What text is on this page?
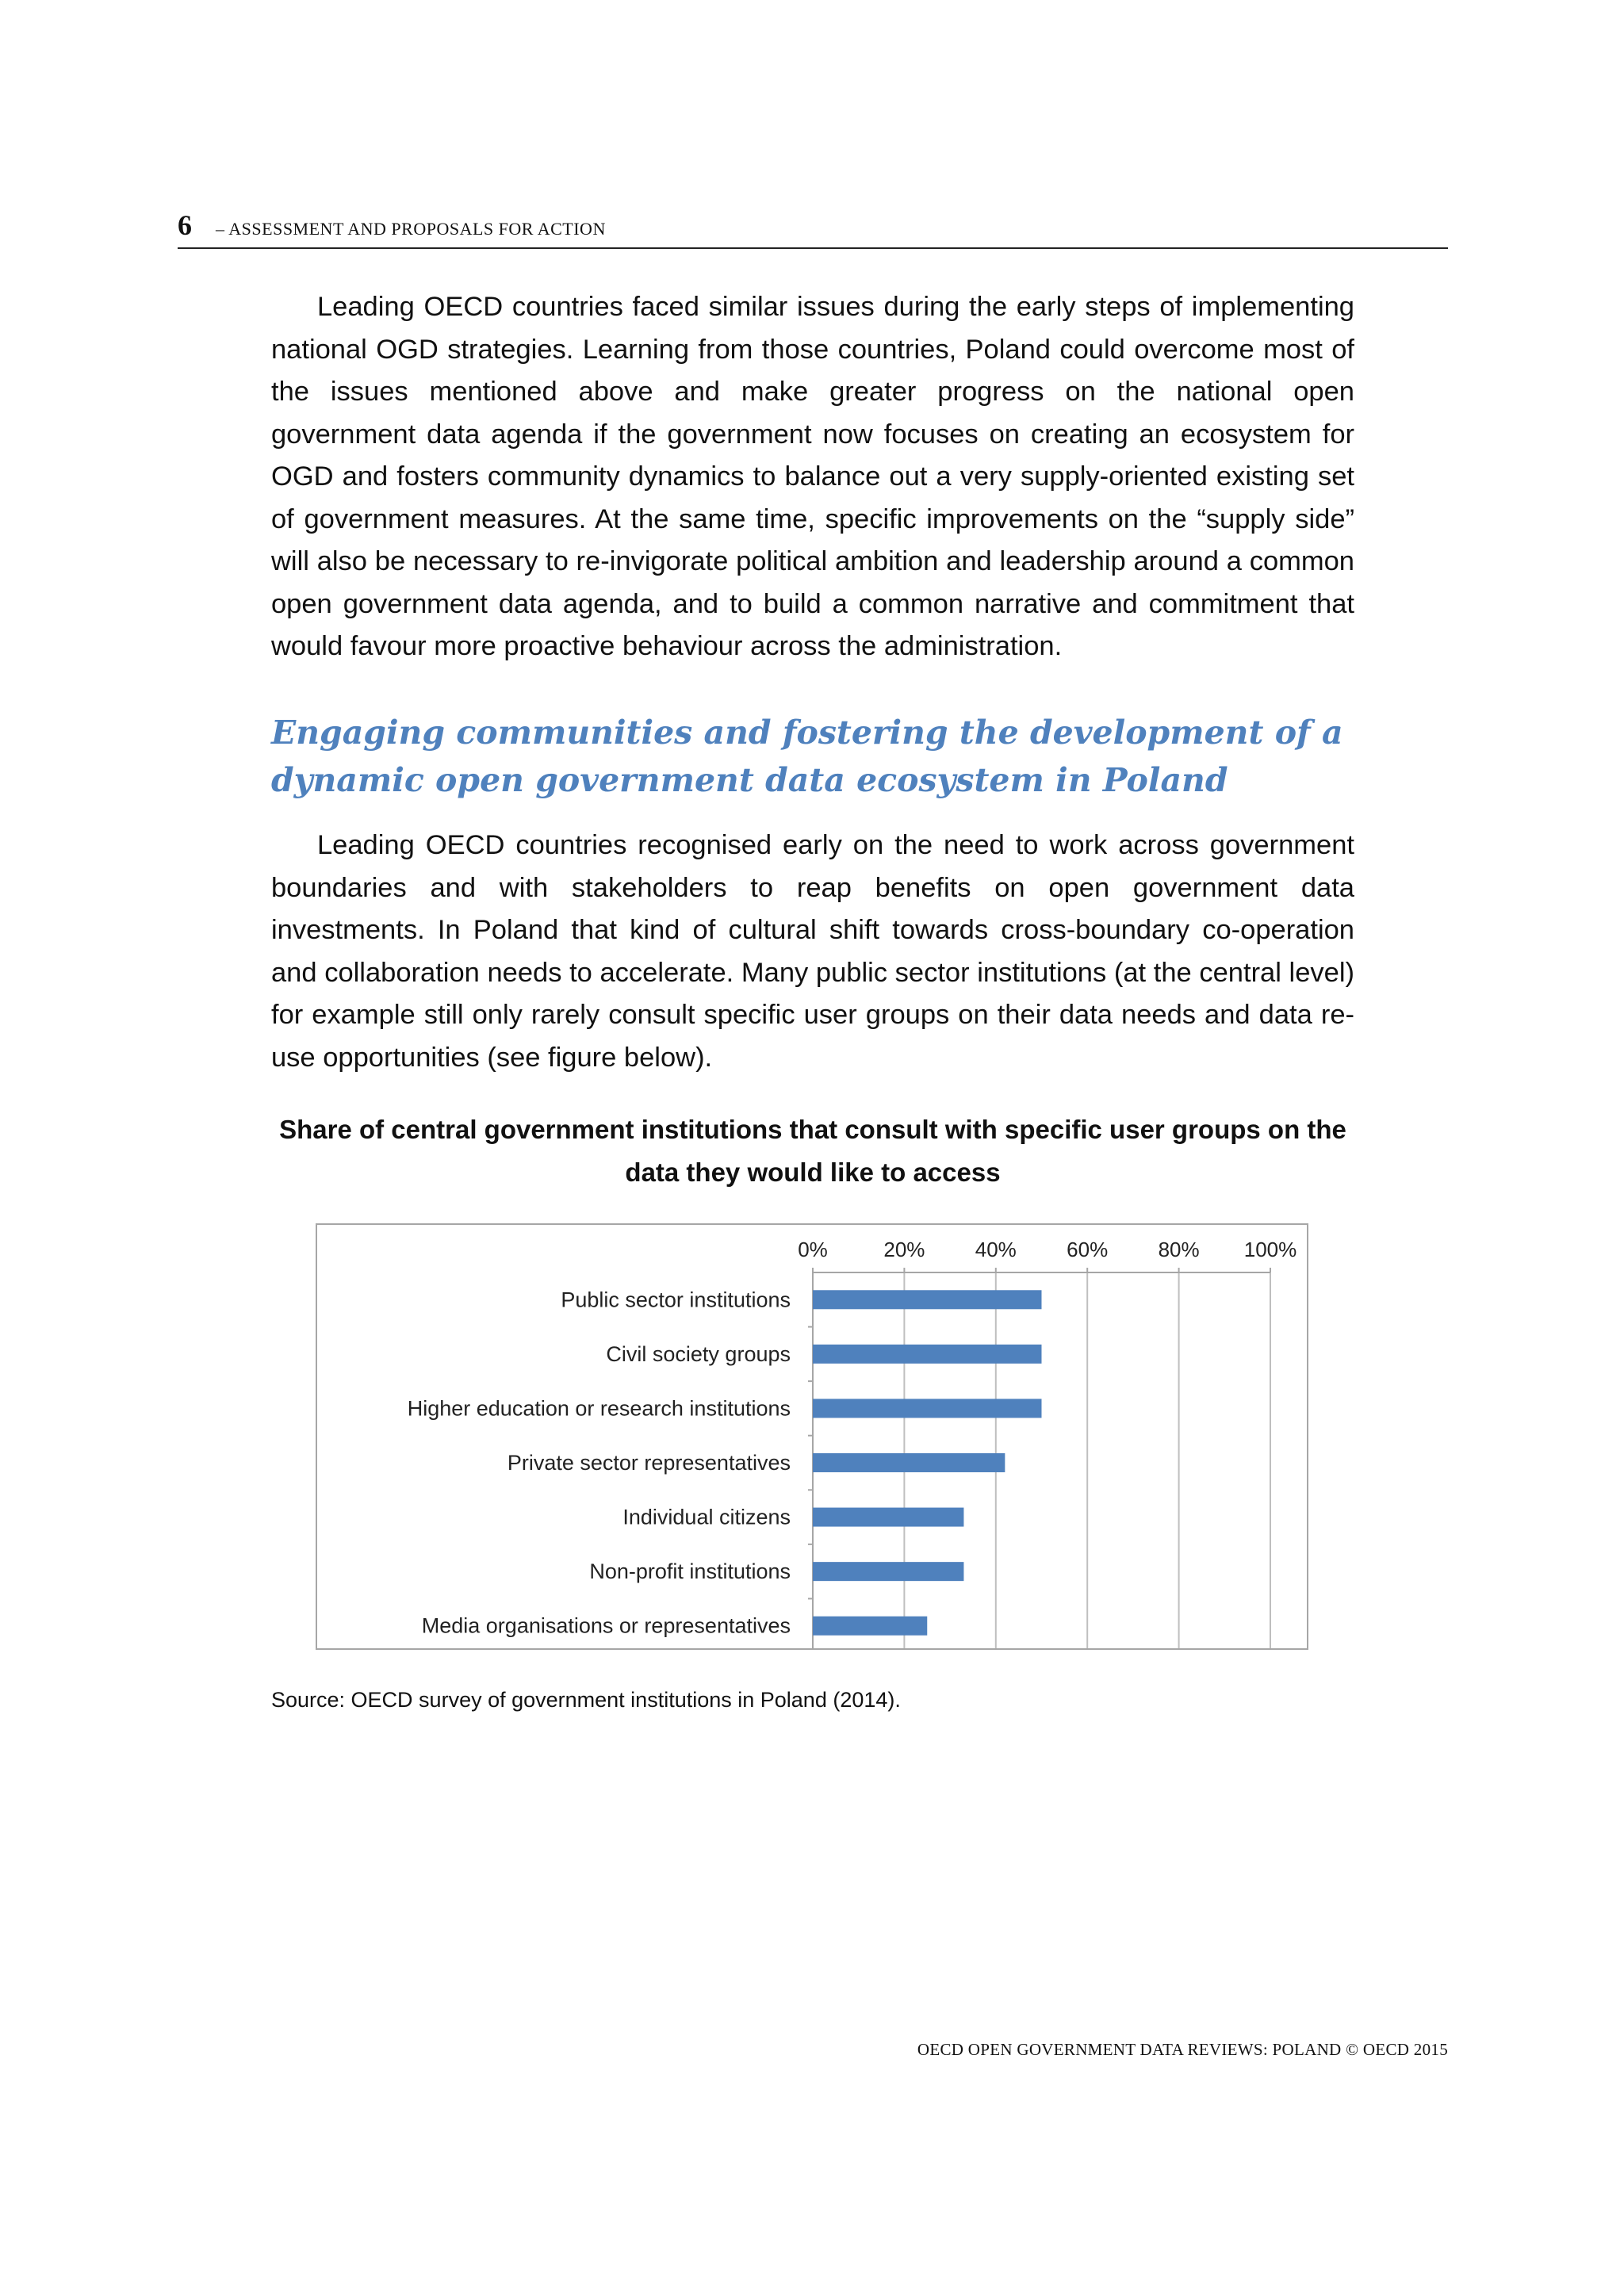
6 – ASSESSMENT AND PROPOSALS FOR ACTION

Leading OECD countries faced similar issues during the early steps of implementing national OGD strategies. Learning from those countries, Poland could overcome most of the issues mentioned above and make greater progress on the national open government data agenda if the government now focuses on creating an ecosystem for OGD and fosters community dynamics to balance out a very supply-oriented existing set of government measures. At the same time, specific improvements on the “supply side” will also be necessary to re-invigorate political ambition and leadership around a common open government data agenda, and to build a common narrative and commitment that would favour more proactive behaviour across the administration.

Engaging communities and fostering the development of a dynamic open government data ecosystem in Poland

Leading OECD countries recognised early on the need to work across government boundaries and with stakeholders to reap benefits on open government data investments. In Poland that kind of cultural shift towards cross-boundary co-operation and collaboration needs to accelerate. Many public sector institutions (at the central level) for example still only rarely consult specific user groups on their data needs and data re-use opportunities (see figure below).

Share of central government institutions that consult with specific user groups on the data they would like to access

0%	20% 40% 60% 80% 100%
Public sector institutions
Civil society groups
Higher education or research institutions
Private sector representatives
Individual citizens
Non-profit institutions
Media organisations or representatives

Source: OECD survey of government institutions in Poland (2014).

OECD OPEN GOVERNMENT DATA REVIEWS: POLAND © OECD 2015
